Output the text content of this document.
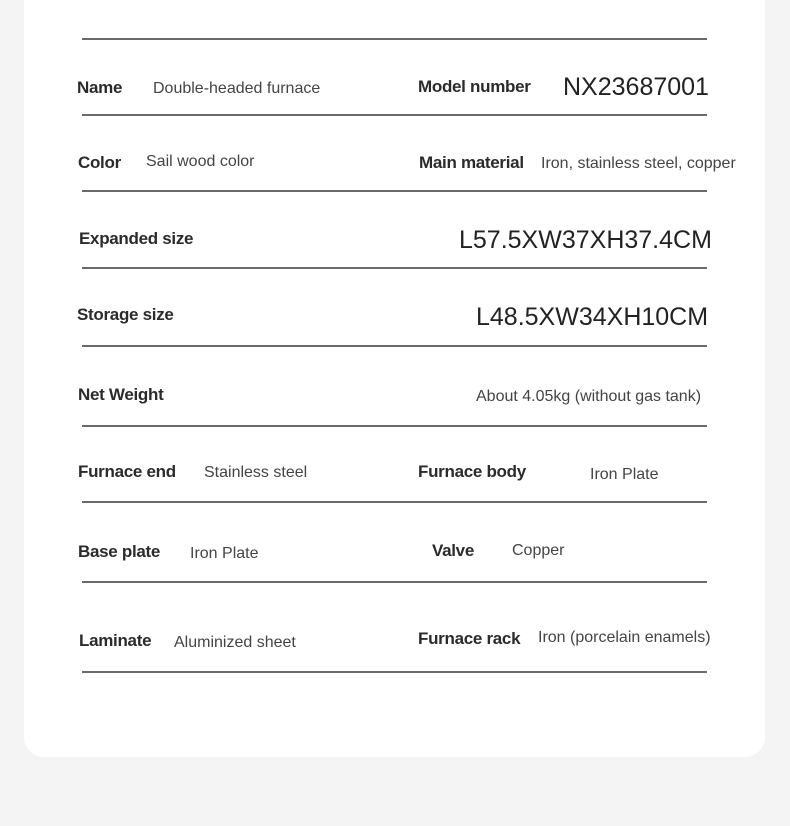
Name Double-headed furnace	Model number NX23687001
Color Sail wood color	Main material Iron, stainless steel, copper
Expanded size	L57.5XW37XH37.4CM
Storage size	L48.5XW34XH10CM
Net Weight	About 4.05kg (without gas tank)
Furnace end Stainless steel	Furnace body	Iron Plate
Base plate Iron Plate	Valve Copper
Laminate Aluminized sheet	Furnace rack Iron (porcelain enamels)
